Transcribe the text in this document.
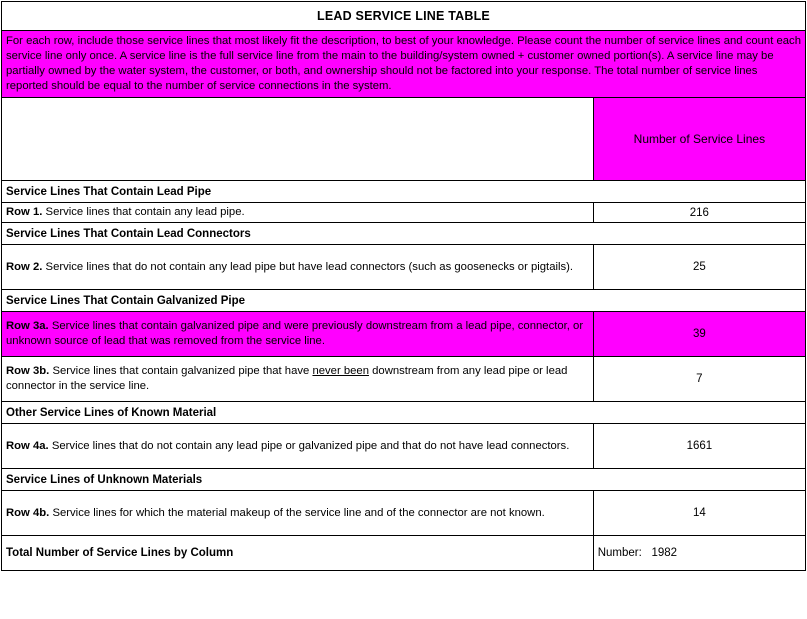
LEAD SERVICE LINE TABLE	
For each row, include those service lines that most likely fit the description, to best of your knowledge. Please count the number of service lines and count each service line only once. A service line is the full service line from the main to the building/system owned + customer owned portion(s). A service line may be partially owned by the water system, the customer, or both, and ownership should not be factored into your response. The total number of service lines reported should be equal to the number of service connections in the system.	
	Number of Service Lines
Service Lines That Contain Lead Pipe	
Row 1. Service lines that contain any lead pipe.	216
Service Lines That Contain Lead Connectors	
Row 2. Service lines that do not contain any lead pipe but have lead connectors (such as goosenecks or pigtails).	25
Service Lines That Contain Galvanized Pipe	
Row 3a. Service lines that contain galvanized pipe and were previously downstream from a lead pipe, connector, or unknown source of lead that was removed from the service line.	39
Row 3b. Service lines that contain galvanized pipe that have never been downstream from any lead pipe or lead connector in the service line.	7
Other Service Lines of Known Material	
Row 4a. Service lines that do not contain any lead pipe or galvanized pipe and that do not have lead connectors.	1661
Service Lines of Unknown Materials	
Row 4b. Service lines for which the material makeup of the service line and of the connector are not known.	14
Total Number of Service Lines by Column	Number: 1982
